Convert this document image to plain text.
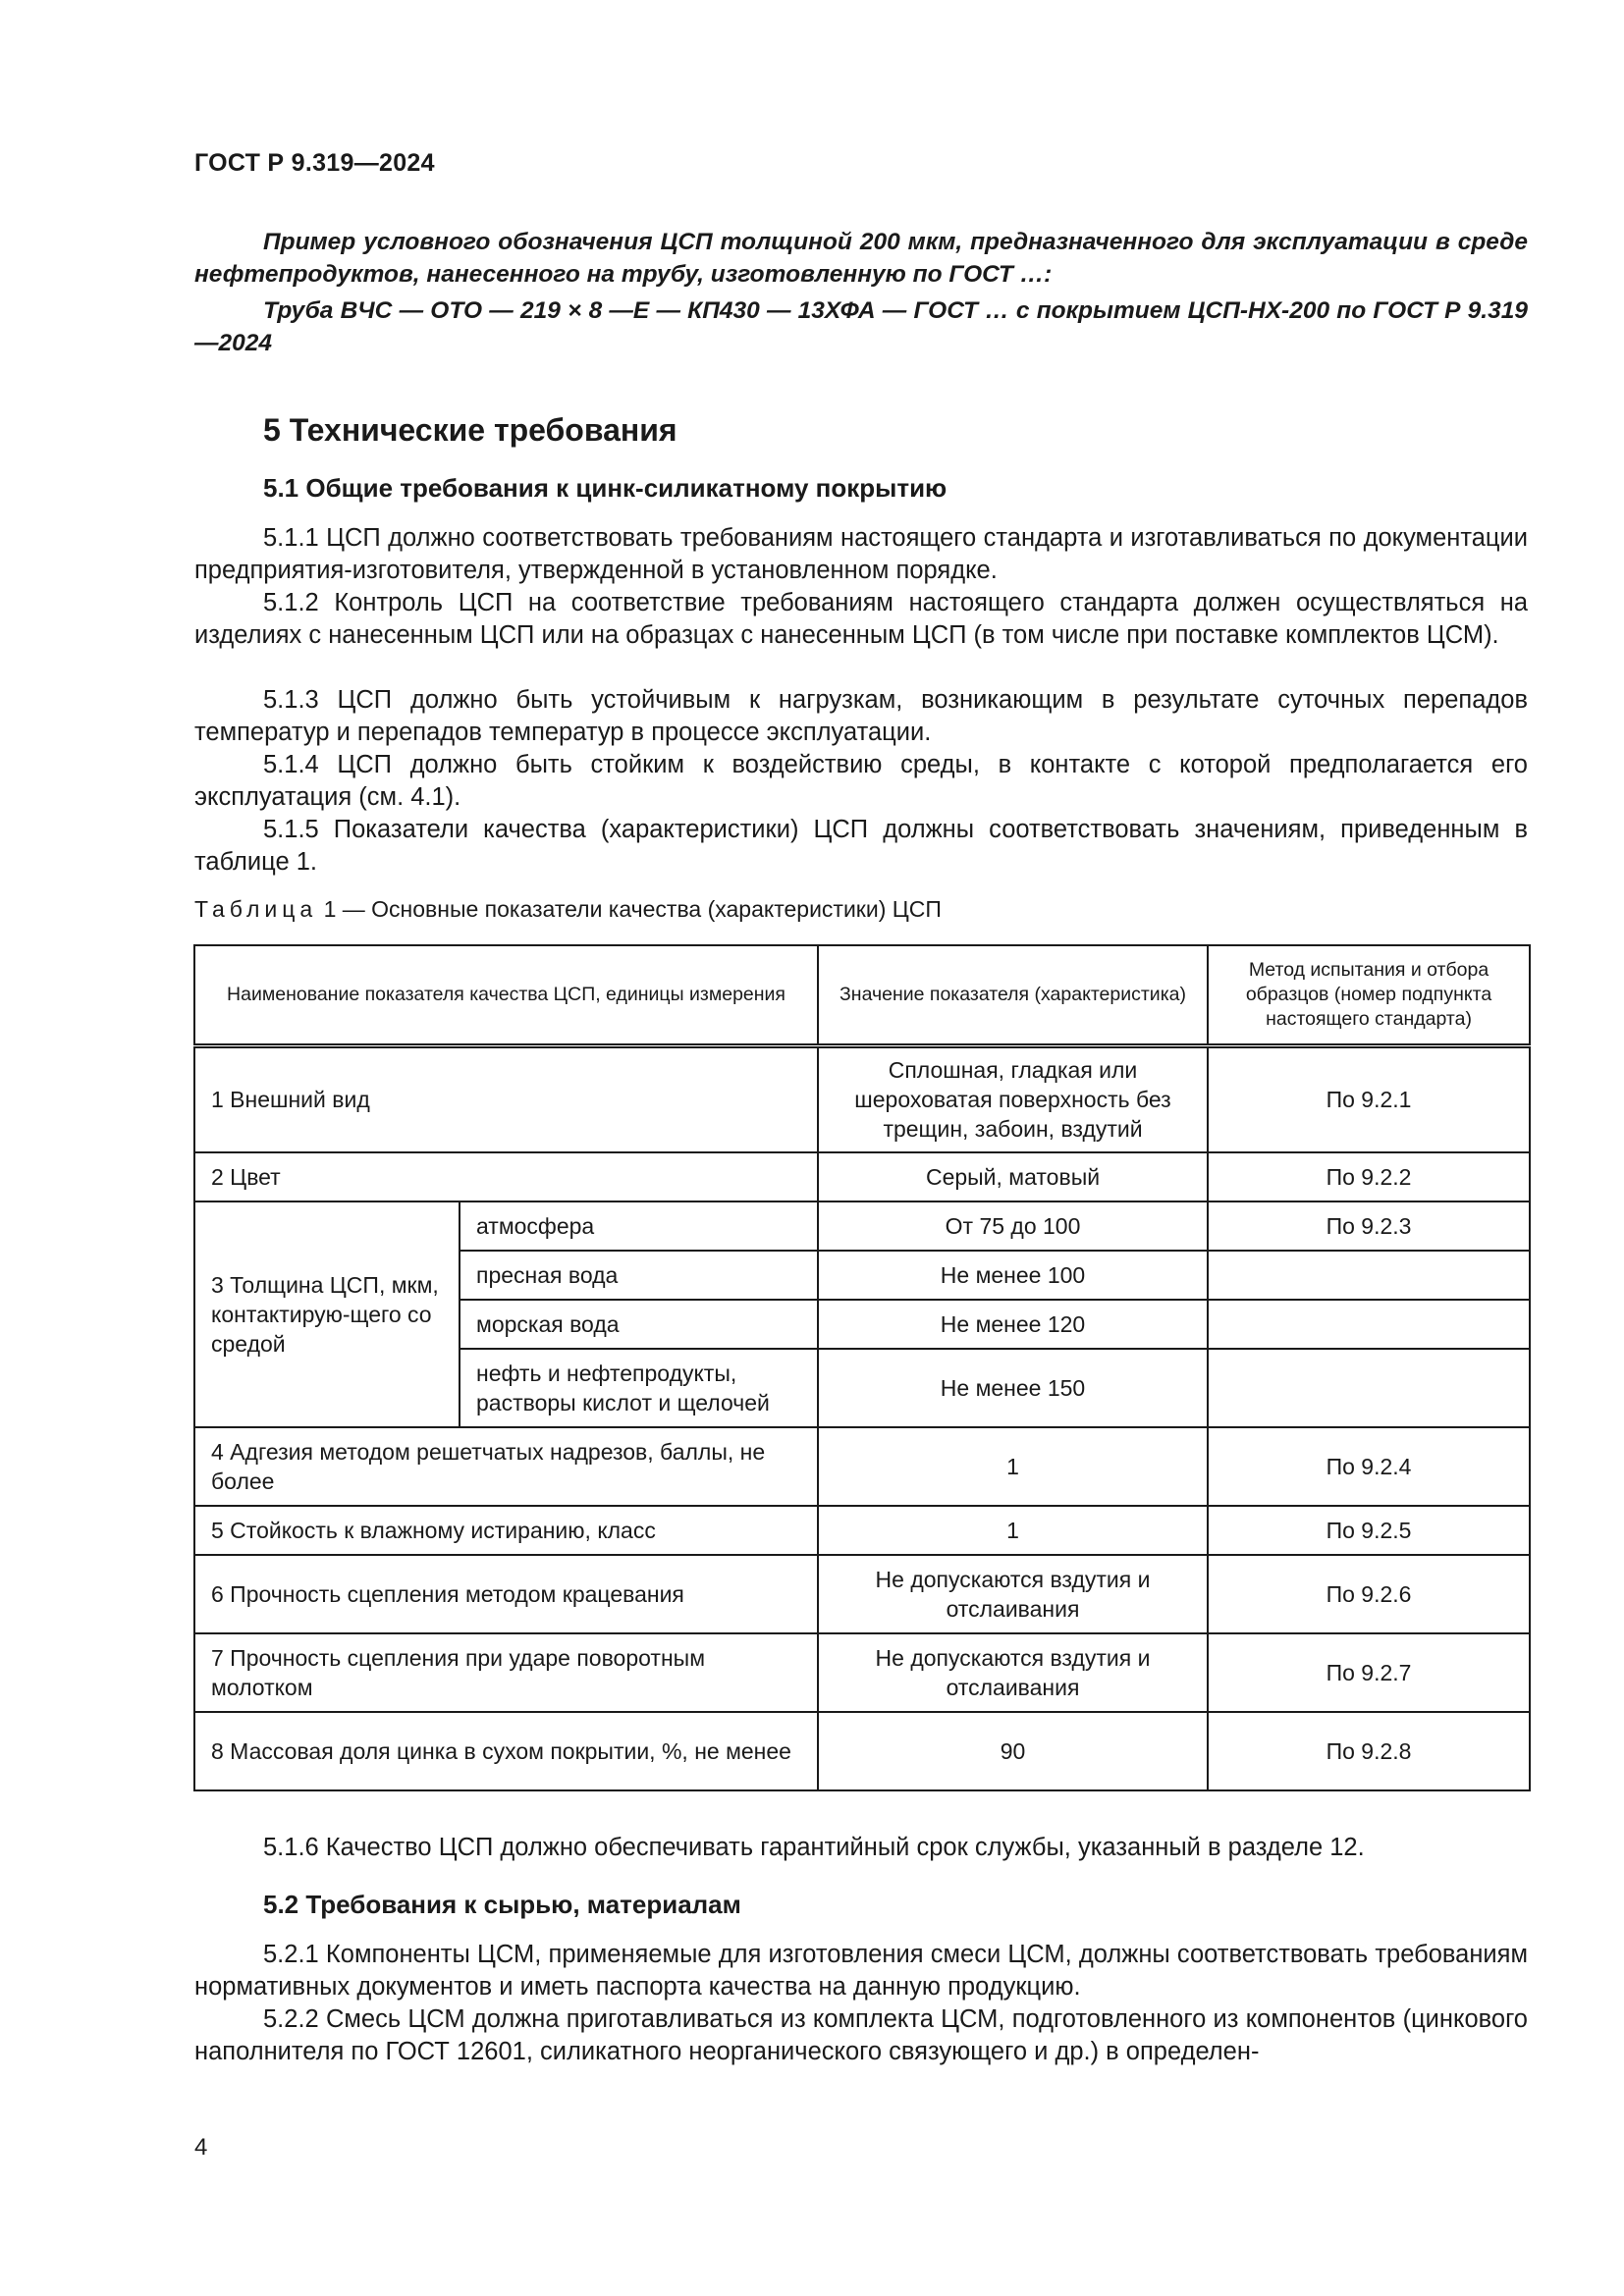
ГОСТ Р 9.319—2024
Пример условного обозначения ЦСП толщиной 200 мкм, предназначенного для эксплуатации в среде нефтепродуктов, нанесенного на трубу, изготовленную по ГОСТ …:
Труба ВЧС — ОТО — 219 × 8 —Е — КП430 — 13ХФА — ГОСТ … с покрытием ЦСП-НХ-200 по ГОСТ Р 9.319—2024
5 Технические требования
5.1 Общие требования к цинк-силикатному покрытию
5.1.1 ЦСП должно соответствовать требованиям настоящего стандарта и изготавливаться по документации предприятия-изготовителя, утвержденной в установленном порядке.
5.1.2 Контроль ЦСП на соответствие требованиям настоящего стандарта должен осуществляться на изделиях с нанесенным ЦСП или на образцах с нанесенным ЦСП (в том числе при поставке комплектов ЦСМ).
5.1.3 ЦСП должно быть устойчивым к нагрузкам, возникающим в результате суточных перепадов температур и перепадов температур в процессе эксплуатации.
5.1.4 ЦСП должно быть стойким к воздействию среды, в контакте с которой предполагается его эксплуатация (см. 4.1).
5.1.5 Показатели качества (характеристики) ЦСП должны соответствовать значениям, приведенным в таблице 1.
Таблица 1 — Основные показатели качества (характеристики) ЦСП
Наименование показателя качества ЦСП, единицы измерения		Значение показателя (характеристика)	Метод испытания и отбора образцов (номер подпункта настоящего стандарта)
1 Внешний вид		Сплошная, гладкая или шероховатая поверхность без трещин, забоин, вздутий	По 9.2.1
2 Цвет		Серый, матовый	По 9.2.2
3 Толщина ЦСП, мкм, контактирую-щего со средой	атмосфера	От 75 до 100	По 9.2.3
	пресная вода	Не менее 100	
	морская вода	Не менее 120	
	нефть и нефтепродукты, растворы кислот и щелочей	Не менее 150	
4 Адгезия методом решетчатых надрезов, баллы, не более		1	По 9.2.4
5 Стойкость к влажному истиранию, класс		1	По 9.2.5
6 Прочность сцепления методом крацевания		Не допускаются вздутия и отслаивания	По 9.2.6
7 Прочность сцепления при ударе поворотным молотком		Не допускаются вздутия и отслаивания	По 9.2.7
8 Массовая доля цинка в сухом покрытии, %, не менее		90	По 9.2.8
5.1.6 Качество ЦСП должно обеспечивать гарантийный срок службы, указанный в разделе 12.
5.2 Требования к сырью, материалам
5.2.1 Компоненты ЦСМ, применяемые для изготовления смеси ЦСМ, должны соответствовать требованиям нормативных документов и иметь паспорта качества на данную продукцию.
5.2.2 Смесь ЦСМ должна приготавливаться из комплекта ЦСМ, подготовленного из компонентов (цинкового наполнителя по ГОСТ 12601, силикатного неорганического связующего и др.) в определен-
4
